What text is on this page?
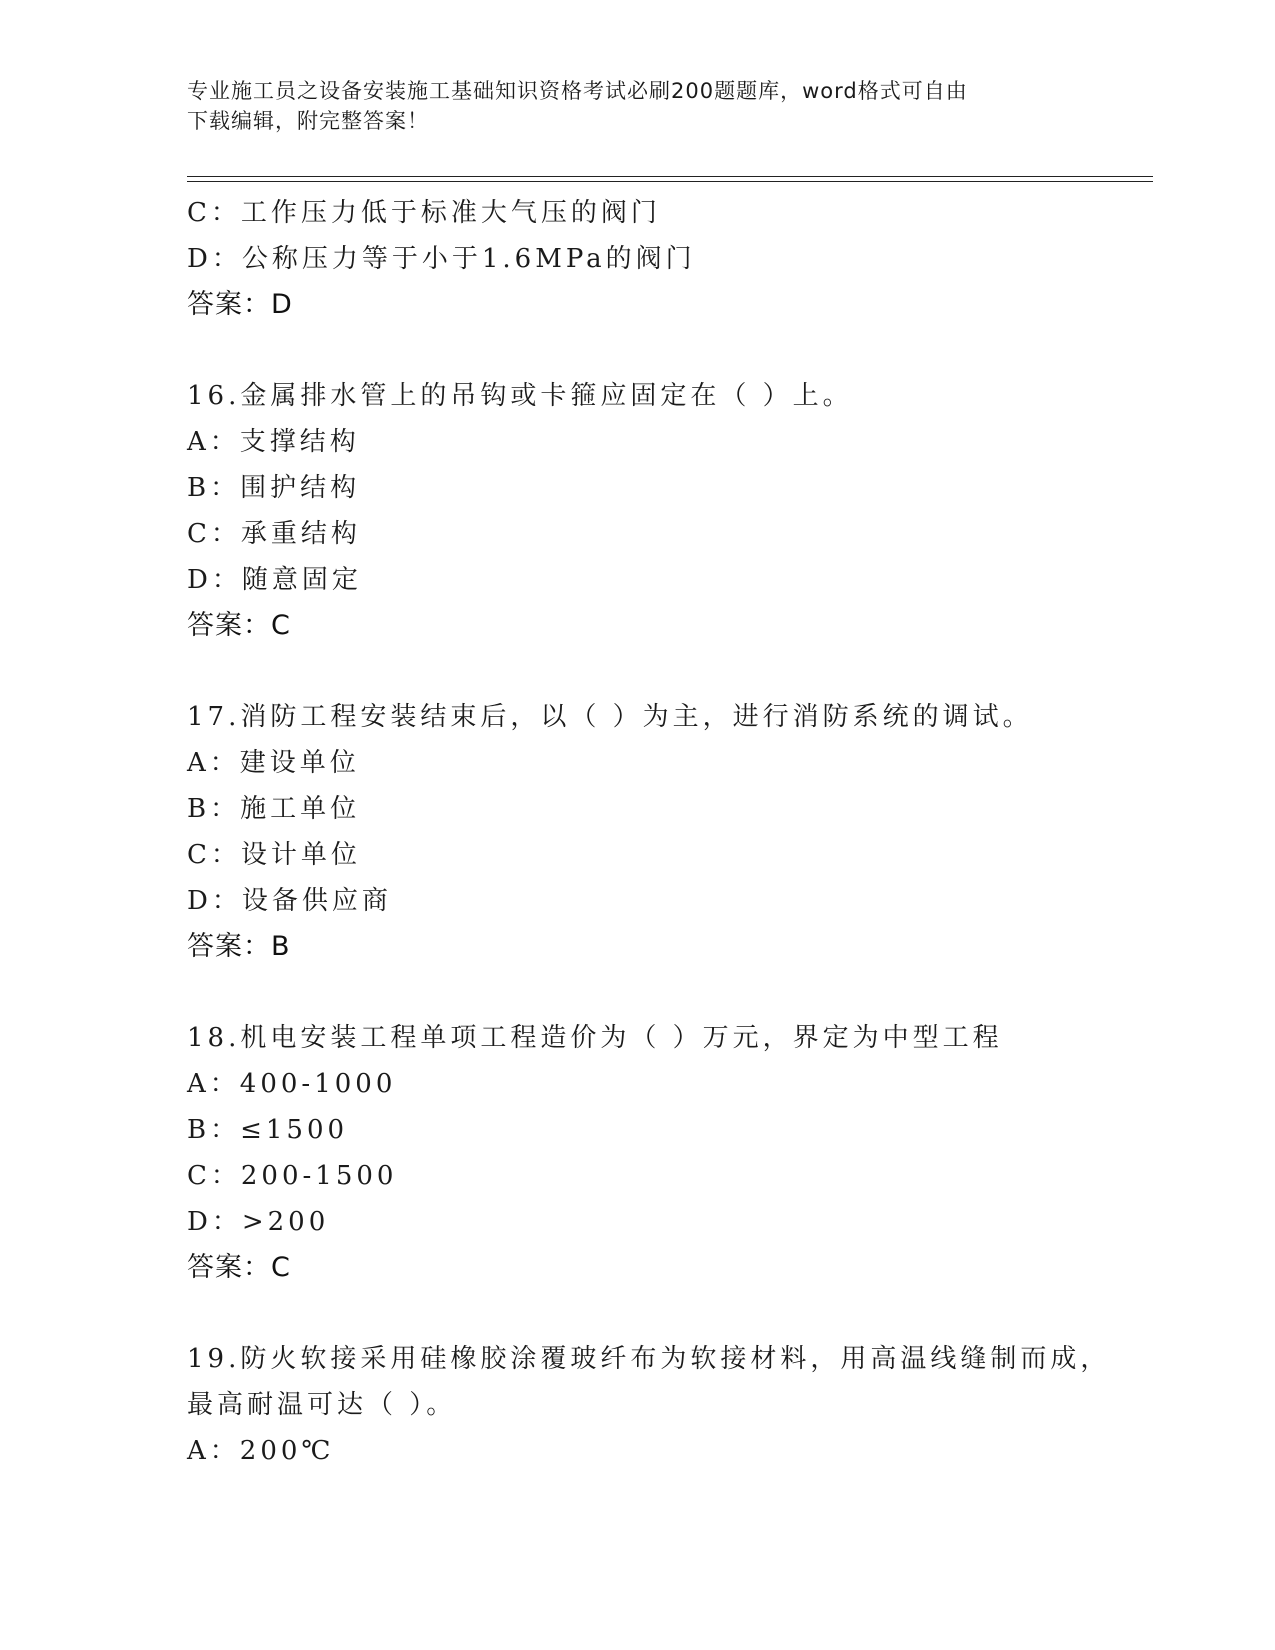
专业施工员之设备安装施工基础知识资格考试必刷200题题库，word格式可自由
下载编辑，附完整答案！
C：工作压力低于标准大气压的阀门
D：公称压力等于小于1.6MPa的阀门
答案：D
16.金属排水管上的吊钩或卡箍应固定在（ ）上。
A：支撑结构
B：围护结构
C：承重结构
D：随意固定
答案：C
17.消防工程安装结束后，以（ ）为主，进行消防系统的调试。
A：建设单位
B：施工单位
C：设计单位
D：设备供应商
答案：B
18.机电安装工程单项工程造价为（ ）万元，界定为中型工程
A：400-1000
B：≤1500
C：200-1500
D：>200
答案：C
19.防火软接采用硅橡胶涂覆玻纤布为软接材料，用高温线缝制而成，
最高耐温可达（ ）。
A：200℃
